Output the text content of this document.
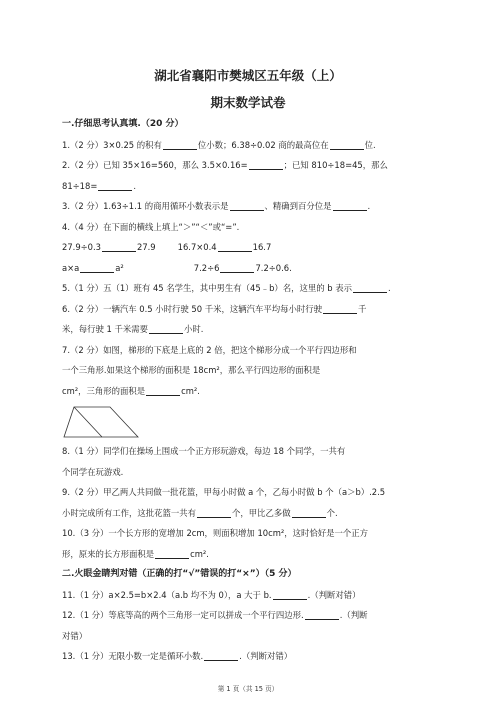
湖北省襄阳市樊城区五年级（上）
期末数学试卷
一.仔细思考认真填.（20 分）
1.（2 分）3×0.25 的积有	位小数；6.38÷0.02 商的最高位在	位.
2.（2 分）已知 35×16=560，那么 3.5×0.16=	；已知 810÷18=45，那么
81÷18=	.
3.（2 分）1.63÷1.1 的商用循环小数表示是	、精确到百分位是	.
4.（4 分）在下面的横线上填上“＞”“＜”或“=”.
27.9÷0.3	27.9	16.7×0.4	16.7
a×a	a²	7.2÷6	7.2÷0.6.
5.（1 分）五（1）班有 45 名学生，其中男生有（45﹣b）名，这里的 b 表示	.
6.（2 分）一辆汽车 0.5 小时行驶 50 千米，这辆汽车平均每小时行驶	千
米，每行驶 1 千米需要	小时.
7.（2 分）如图，梯形的下底是上底的 2 倍，把这个梯形分成一个平行四边形和
一个三角形.如果这个梯形的面积是 18cm²，那么平行四边形的面积是
cm²，三角形的面积是	cm².
8.（1 分）同学们在操场上围成一个正方形玩游戏，每边 18 个同学，一共有
个同学在玩游戏.
9.（2 分）甲乙两人共同做一批花篮，甲每小时做 a 个，乙每小时做 b 个（a＞b）.2.5
小时完成所有工作，这批花篮一共有	个，甲比乙多做	个.
10.（3 分）一个长方形的宽增加 2cm，则面积增加 10cm²，这时恰好是一个正方
形，原来的长方形面积是	cm².
二.火眼金睛判对错（正确的打“√”错误的打“×”）（5 分）
11.（1 分）a×2.5=b×2.4（a.b 均不为 0），a 大于 b.	.（判断对错）
12.（1 分）等底等高的两个三角形一定可以拼成一个平行四边形.	.（判断
对错）
13.（1 分）无限小数一定是循环小数.	.（判断对错）
第 1 页（共 15 页）
